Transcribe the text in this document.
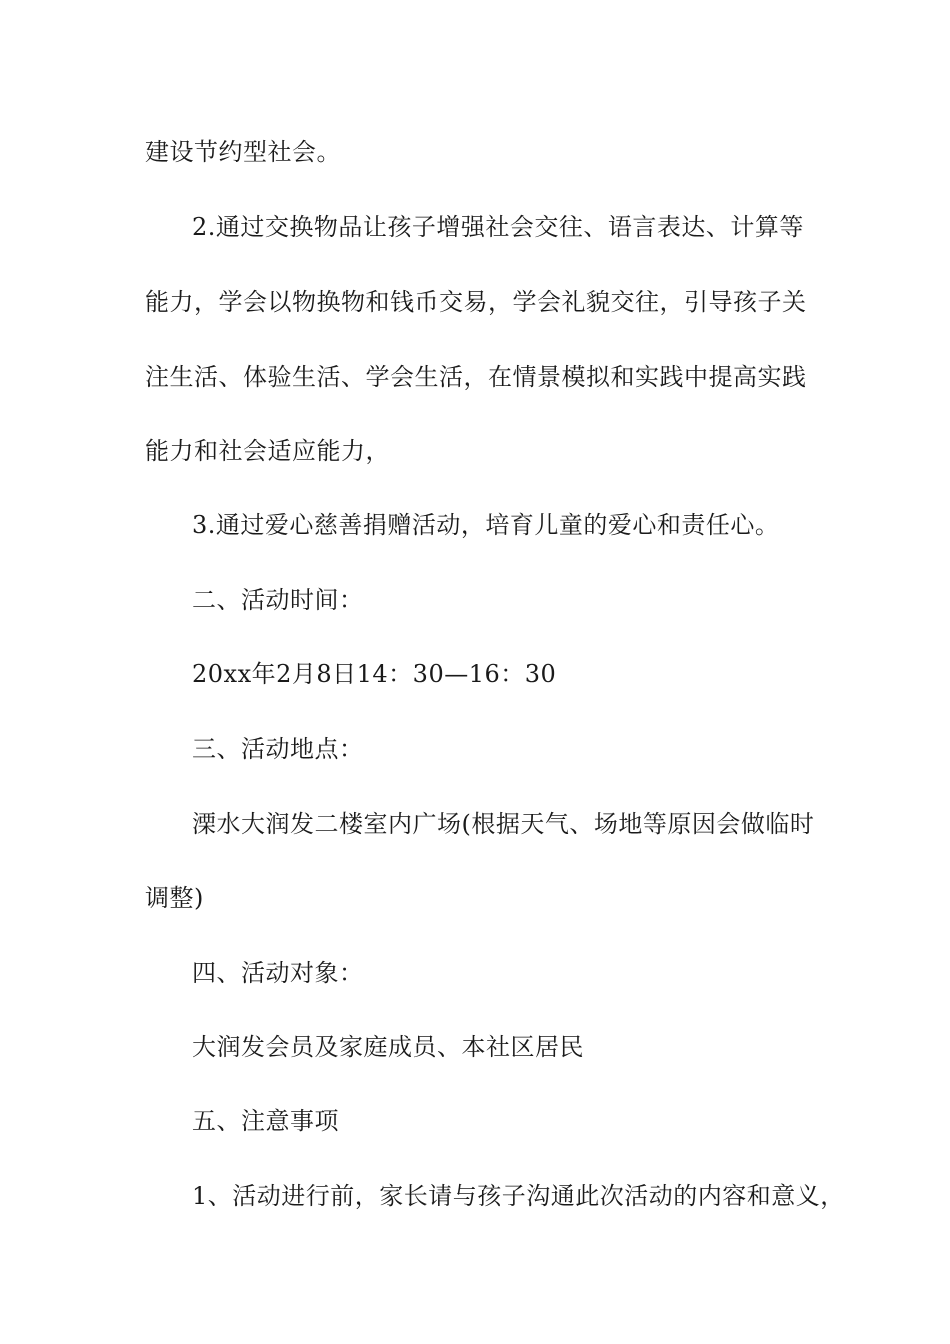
建设节约型社会。
2.通过交换物品让孩子增强社会交往、语言表达、计算等
能力，学会以物换物和钱币交易，学会礼貌交往，引导孩子关
注生活、体验生活、学会生活，在情景模拟和实践中提高实践
能力和社会适应能力，
3.通过爱心慈善捐赠活动，培育儿童的爱心和责任心。
二、活动时间：
20xx年2月8日14：30—16：30
三、活动地点：
溧水大润发二楼室内广场(根据天气、场地等原因会做临时
调整)
四、活动对象：
大润发会员及家庭成员、本社区居民
五、注意事项
1、活动进行前，家长请与孩子沟通此次活动的内容和意义，
